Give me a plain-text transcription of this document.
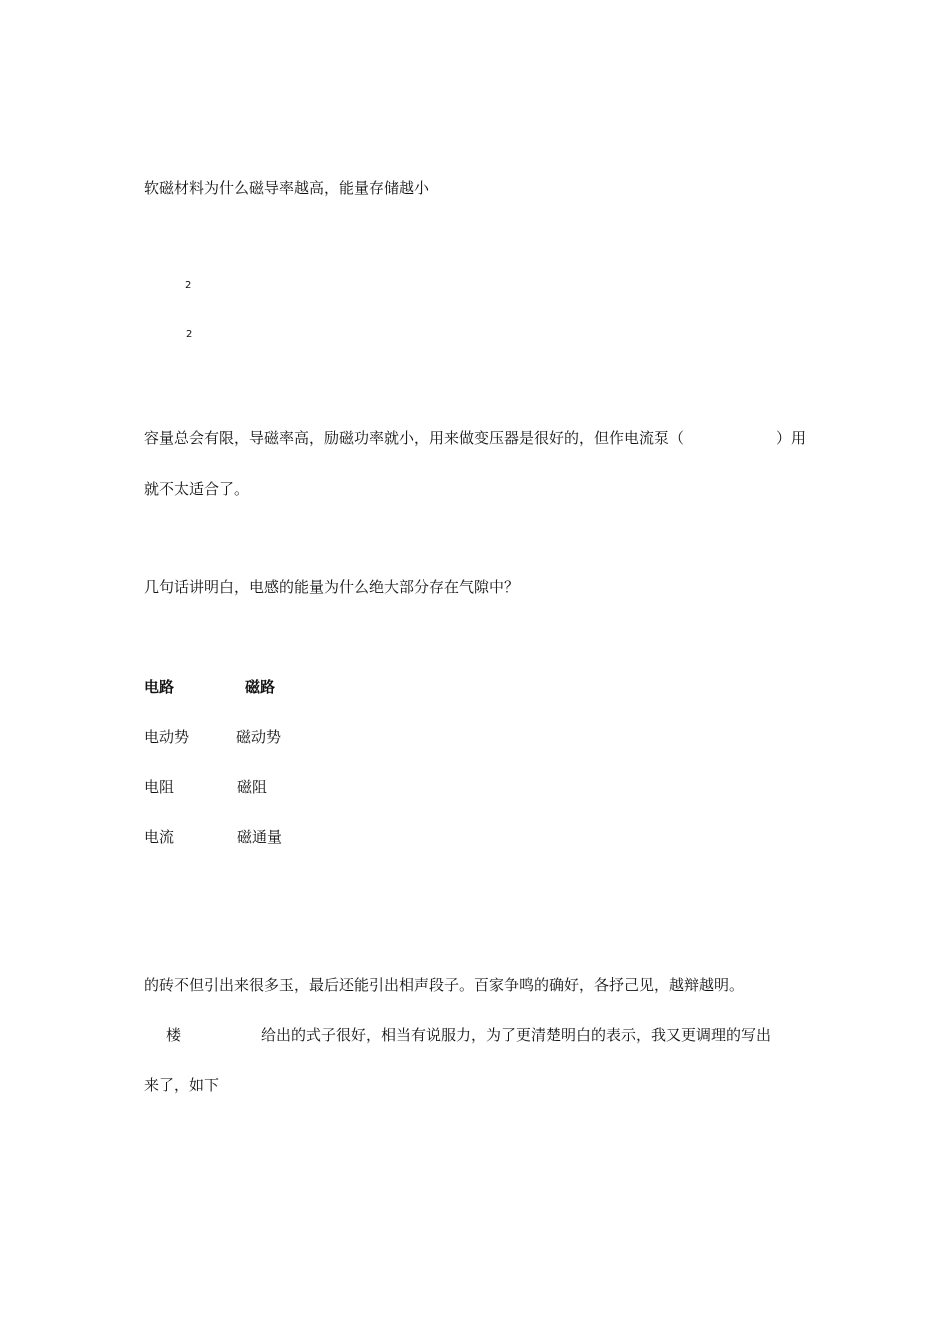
软磁材料为什么磁导率越高，能量存储越小
2
2
容量总会有限，导磁率高，励磁功率就小，用来做变压器是很好的，但作电流泵（	）用
就不太适合了。
几句话讲明白，电感的能量为什么绝大部分存在气隙中？
电路	磁路
电动势	磁动势
电阻	磁阻
电流	磁通量
的砖不但引出来很多玉，最后还能引出相声段子。百家争鸣的确好，各抒己见，越辩越明。
楼	给出的式子很好，相当有说服力，为了更清楚明白的表示，我又更调理的写出
来了，如下
